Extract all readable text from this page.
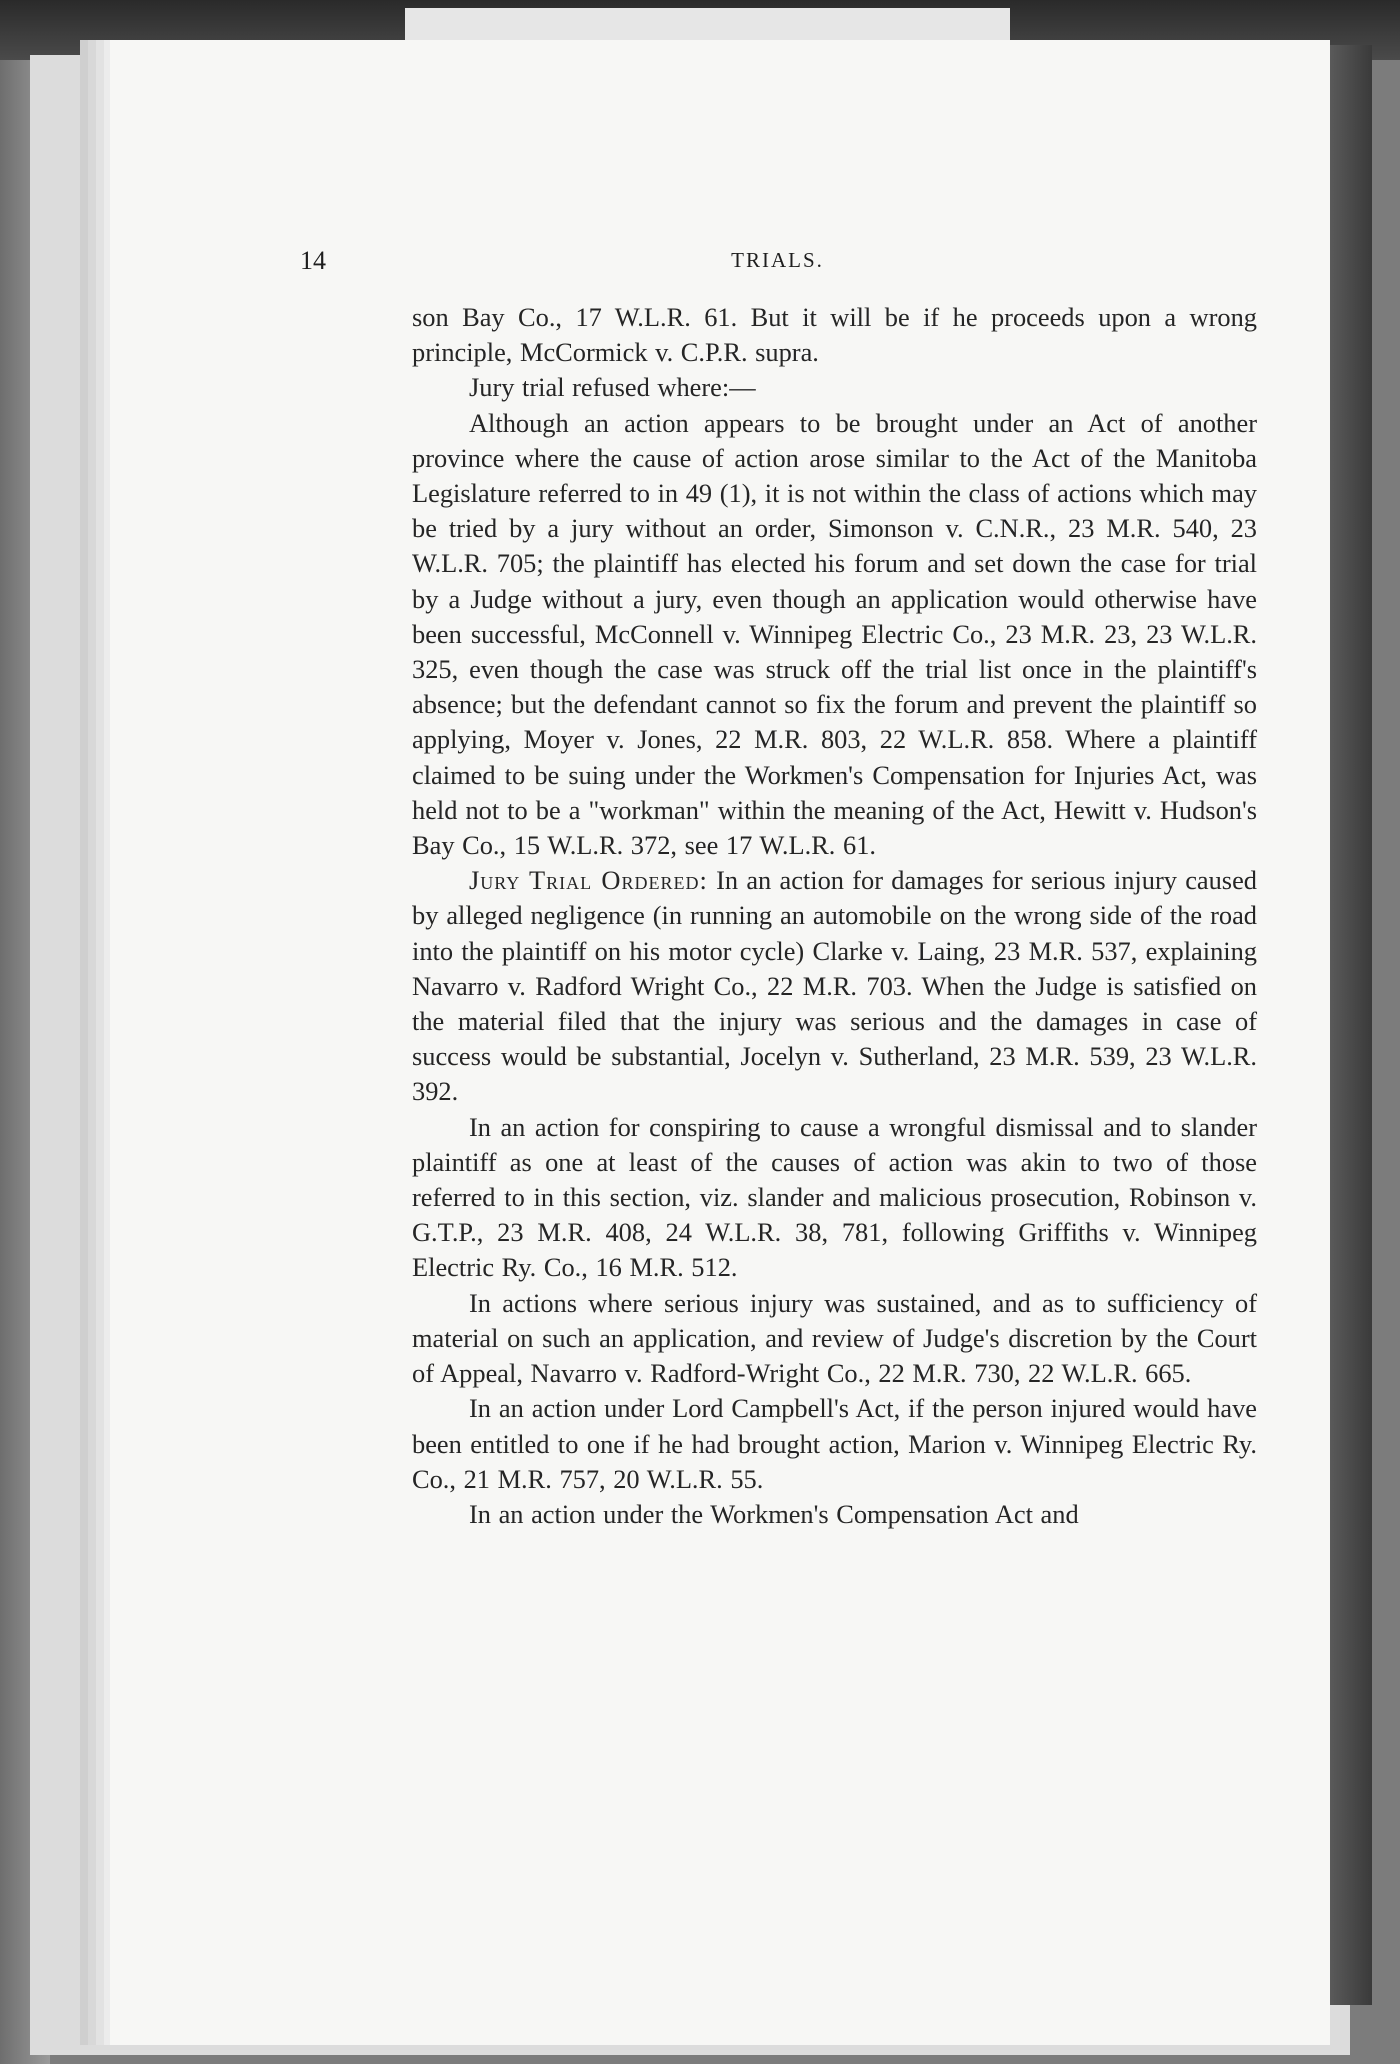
14	TRIALS.

son Bay Co., 17 W.L.R. 61. But it will be if he proceeds upon a wrong principle, McCormick v. C.P.R. supra.

Jury trial refused where:—

Although an action appears to be brought under an Act of another province where the cause of action arose similar to the Act of the Manitoba Legislature referred to in 49 (1), it is not within the class of actions which may be tried by a jury without an order, Simonson v. C.N.R., 23 M.R. 540, 23 W.L.R. 705; the plaintiff has elected his forum and set down the case for trial by a Judge without a jury, even though an application would otherwise have been successful, McConnell v. Winnipeg Electric Co., 23 M.R. 23, 23 W.L.R. 325, even though the case was struck off the trial list once in the plaintiff's absence; but the defendant cannot so fix the forum and prevent the plaintiff so applying, Moyer v. Jones, 22 M.R. 803, 22 W.L.R. 858. Where a plaintiff claimed to be suing under the Workmen's Compensation for Injuries Act, was held not to be a "workman" within the meaning of the Act, Hewitt v. Hudson's Bay Co., 15 W.L.R. 372, see 17 W.L.R. 61.

Jury Trial Ordered: In an action for damages for serious injury caused by alleged negligence (in running an automobile on the wrong side of the road into the plaintiff on his motor cycle) Clarke v. Laing, 23 M.R. 537, explaining Navarro v. Radford Wright Co., 22 M.R. 703. When the Judge is satisfied on the material filed that the injury was serious and the damages in case of success would be substantial, Jocelyn v. Sutherland, 23 M.R. 539, 23 W.L.R. 392.

In an action for conspiring to cause a wrongful dismissal and to slander plaintiff as one at least of the causes of action was akin to two of those referred to in this section, viz. slander and malicious prosecution, Robinson v. G.T.P., 23 M.R. 408, 24 W.L.R. 38, 781, following Griffiths v. Winnipeg Electric Ry. Co., 16 M.R. 512.

In actions where serious injury was sustained, and as to sufficiency of material on such an application, and review of Judge's discretion by the Court of Appeal, Navarro v. Radford-Wright Co., 22 M.R. 730, 22 W.L.R. 665.

In an action under Lord Campbell's Act, if the person injured would have been entitled to one if he had brought action, Marion v. Winnipeg Electric Ry. Co., 21 M.R. 757, 20 W.L.R. 55.

In an action under the Workmen's Compensation Act and
